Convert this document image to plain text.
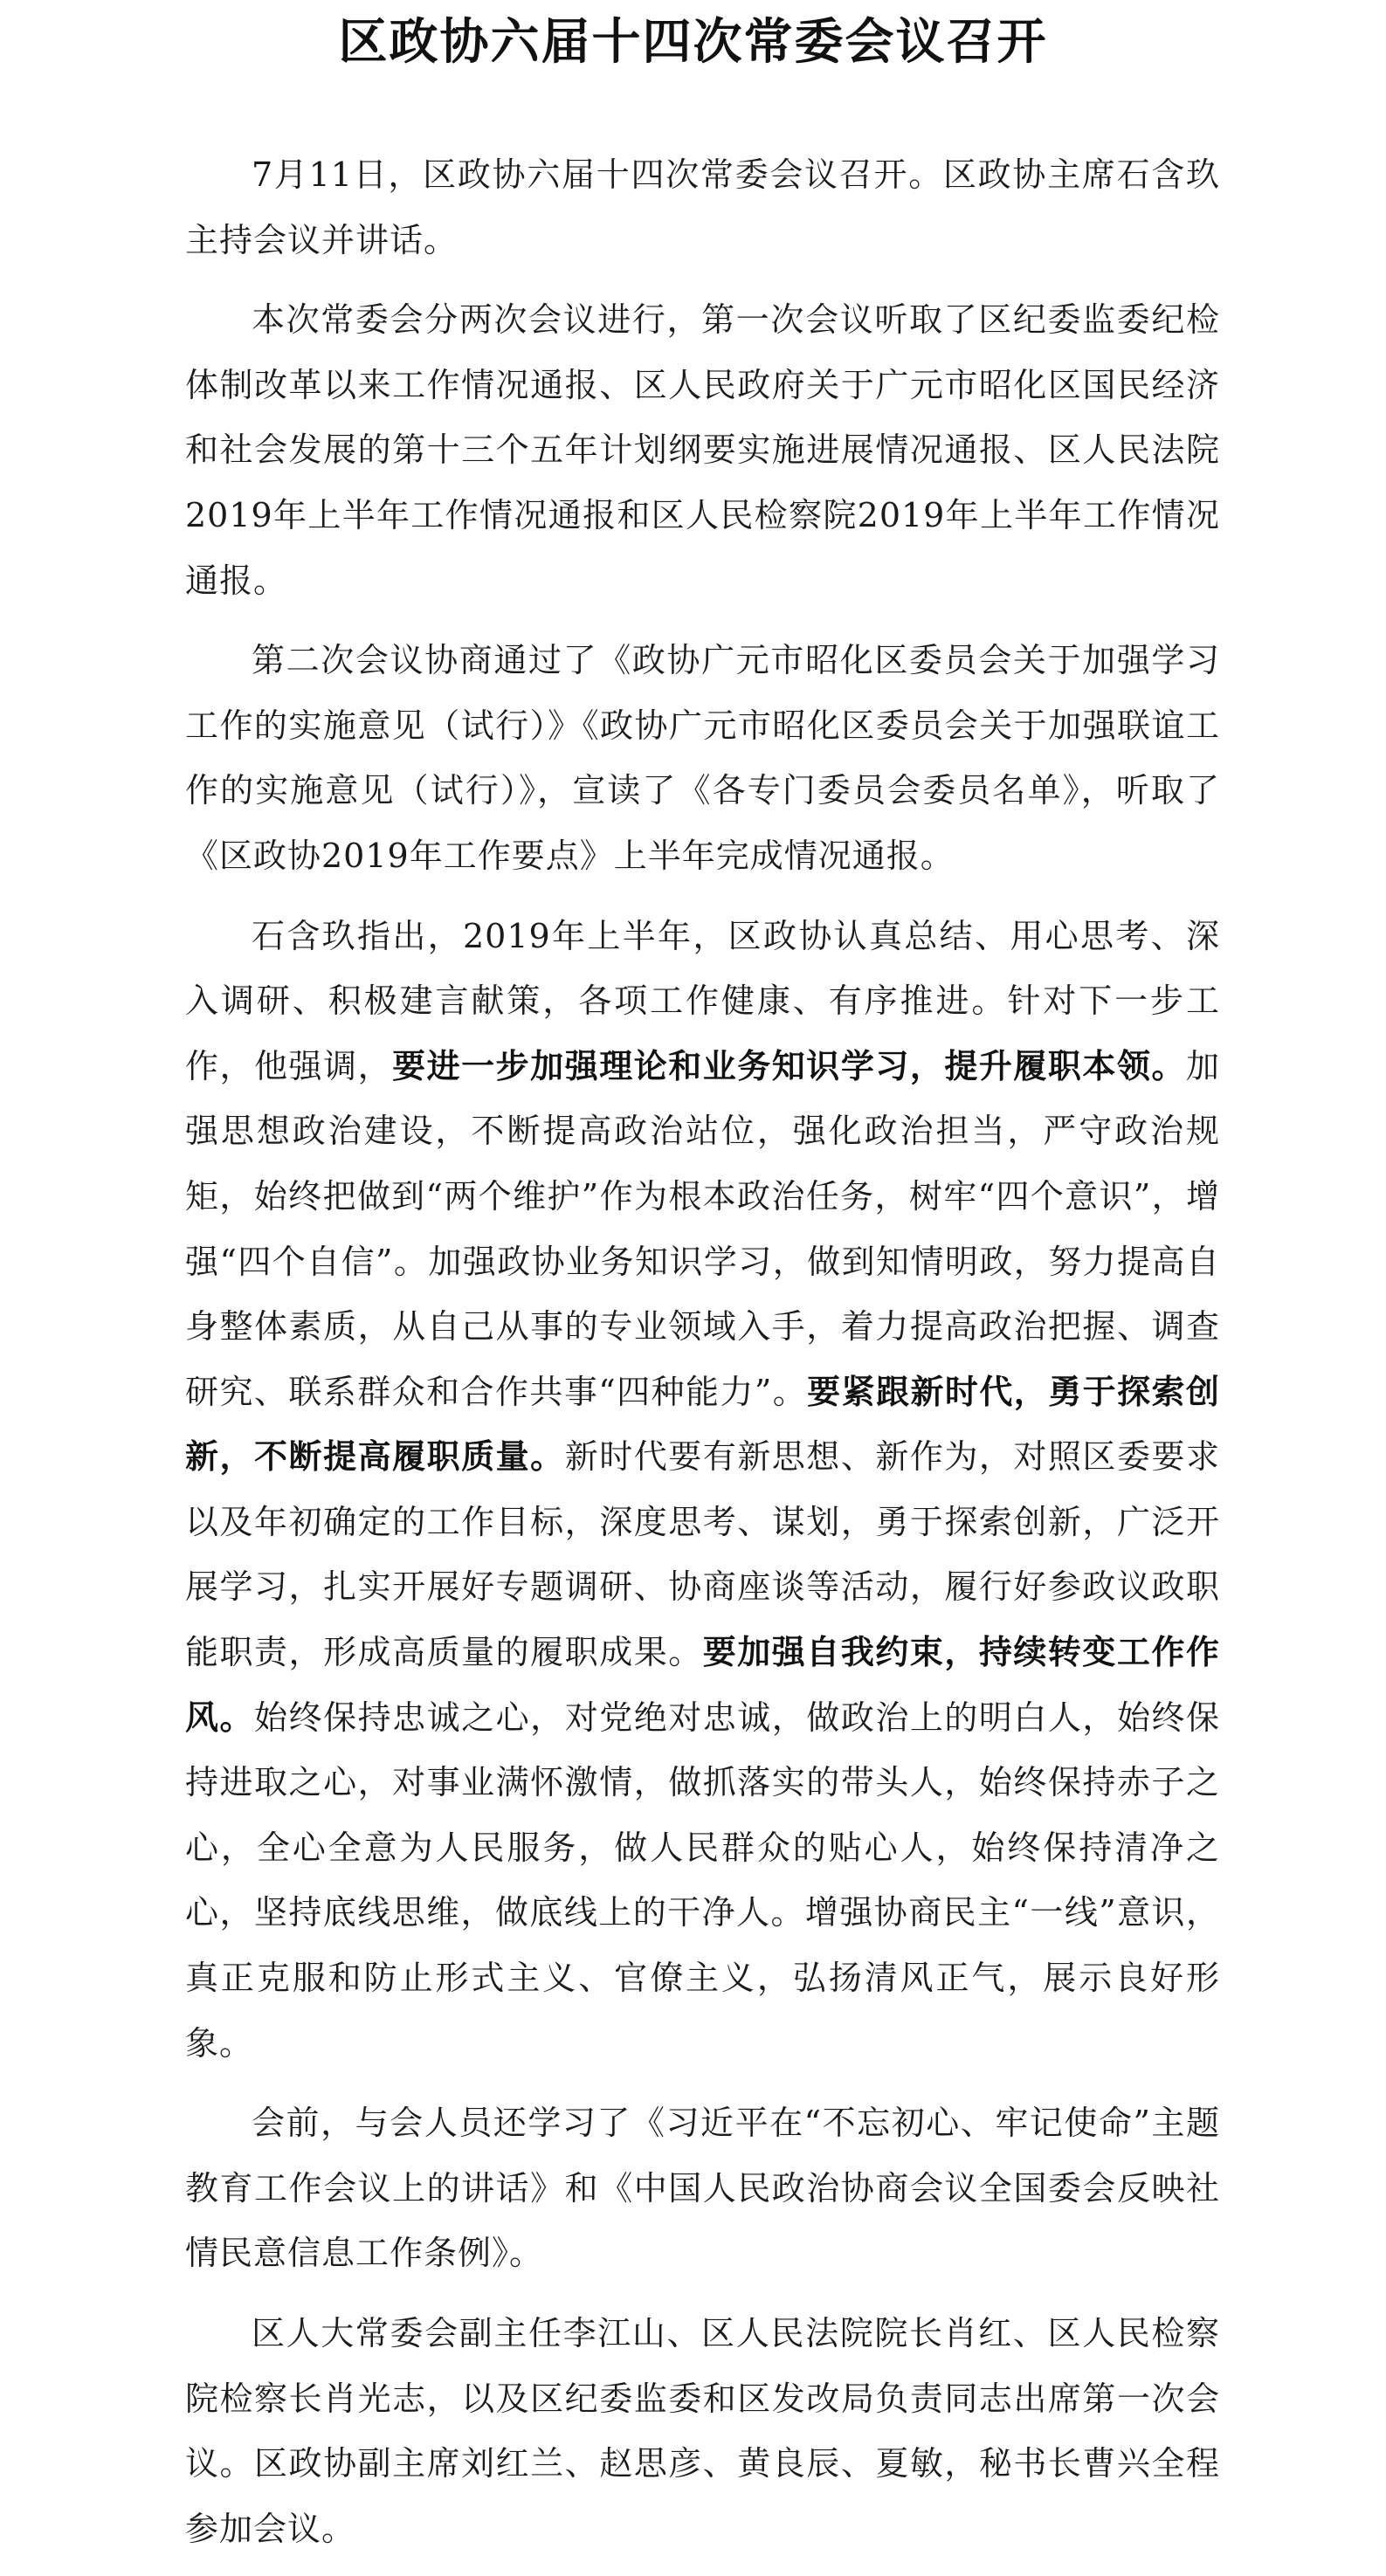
区政协六届十四次常委会议召开

7月11日，区政协六届十四次常委会议召开。区政协主席石含玖主持会议并讲话。

本次常委会分两次会议进行，第一次会议听取了区纪委监委纪检体制改革以来工作情况通报、区人民政府关于广元市昭化区国民经济和社会发展的第十三个五年计划纲要实施进展情况通报、区人民法院2019年上半年工作情况通报和区人民检察院2019年上半年工作情况通报。

第二次会议协商通过了《政协广元市昭化区委员会关于加强学习工作的实施意见（试行）》《政协广元市昭化区委员会关于加强联谊工作的实施意见（试行）》，宣读了《各专门委员会委员名单》，听取了《区政协2019年工作要点》上半年完成情况通报。

石含玖指出，2019年上半年，区政协认真总结、用心思考、深入调研、积极建言献策，各项工作健康、有序推进。针对下一步工作，他强调，要进一步加强理论和业务知识学习，提升履职本领。加强思想政治建设，不断提高政治站位，强化政治担当，严守政治规矩，始终把做到“两个维护”作为根本政治任务，树牢“四个意识”，增强“四个自信”。加强政协业务知识学习，做到知情明政，努力提高自身整体素质，从自己从事的专业领域入手，着力提高政治把握、调查研究、联系群众和合作共事“四种能力”。要紧跟新时代，勇于探索创新，不断提高履职质量。新时代要有新思想、新作为，对照区委要求以及年初确定的工作目标，深度思考、谋划，勇于探索创新，广泛开展学习，扎实开展好专题调研、协商座谈等活动，履行好参政议政职能职责，形成高质量的履职成果。要加强自我约束，持续转变工作作风。始终保持忠诚之心，对党绝对忠诚，做政治上的明白人，始终保持进取之心，对事业满怀激情，做抓落实的带头人，始终保持赤子之心，全心全意为人民服务，做人民群众的贴心人，始终保持清净之心，坚持底线思维，做底线上的干净人。增强协商民主“一线”意识，真正克服和防止形式主义、官僚主义，弘扬清风正气，展示良好形象。

会前，与会人员还学习了《习近平在“不忘初心、牢记使命”主题教育工作会议上的讲话》和《中国人民政治协商会议全国委会反映社情民意信息工作条例》。

区人大常委会副主任李江山、区人民法院院长肖红、区人民检察院检察长肖光志，以及区纪委监委和区发改局负责同志出席第一次会议。区政协副主席刘红兰、赵思彦、黄良辰、夏敏，秘书长曹兴全程参加会议。
